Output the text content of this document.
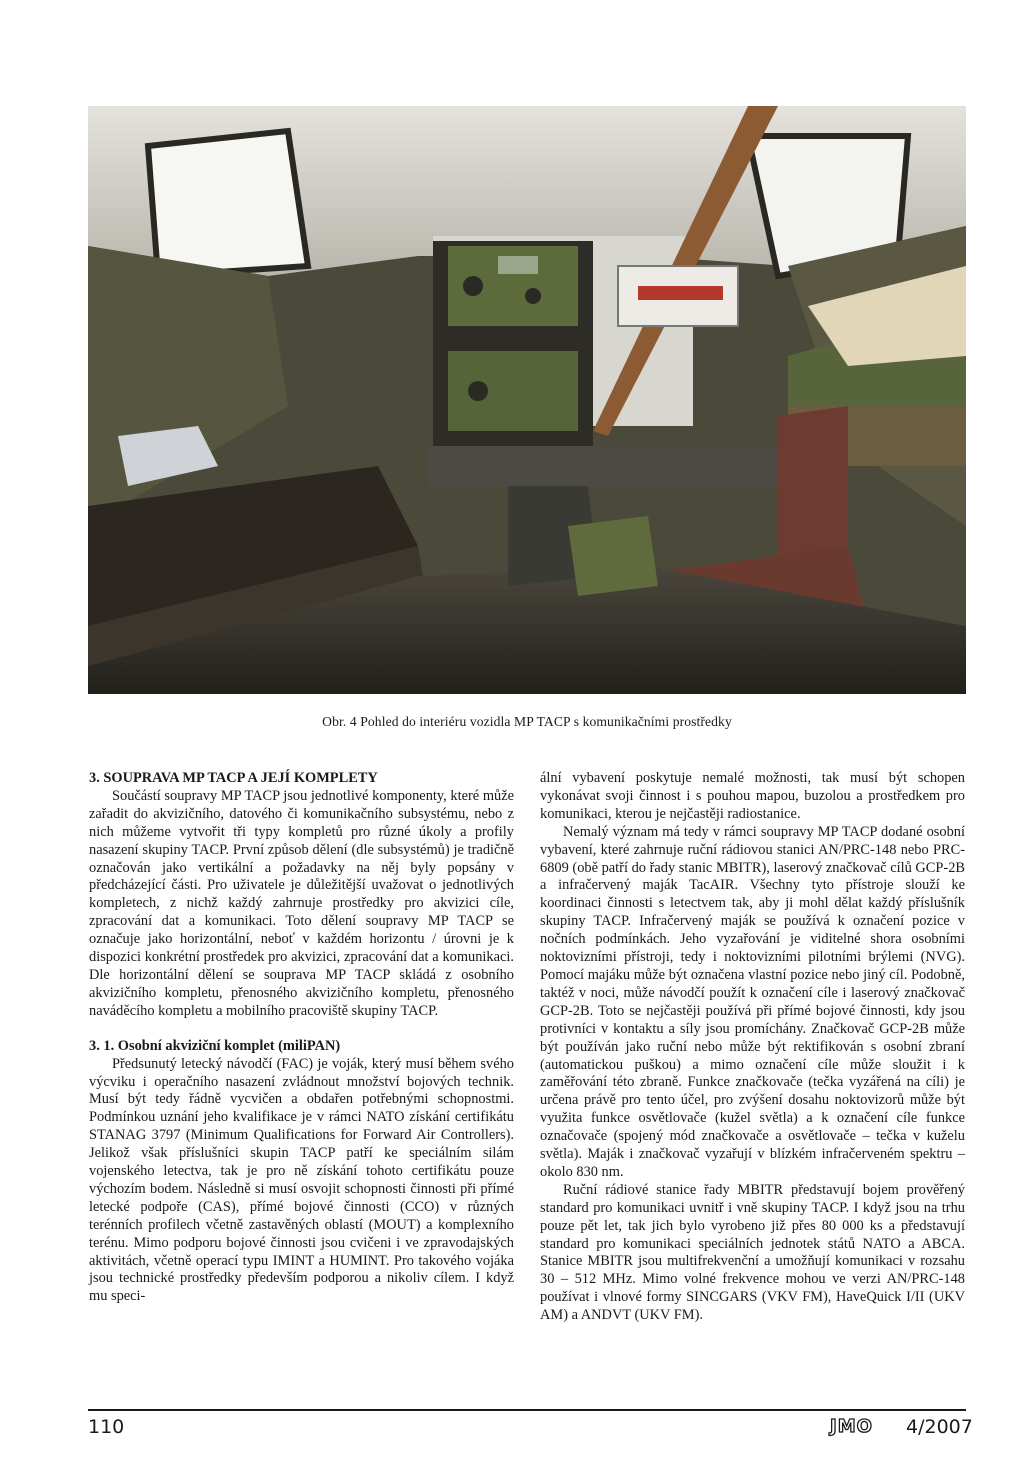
Obr. 4 Pohled do interiéru vozidla MP TACP s komunikačními prostředky
3. SOUPRAVA MP TACP A JEJÍ KOMPLETY

Součástí soupravy MP TACP jsou jednotlivé komponenty, které může zařadit do akvizičního, datového či komunikačního subsystému, nebo z nich můžeme vytvořit tři typy kompletů pro různé úkoly a profily nasazení skupiny TACP. První způsob dělení (dle subsystémů) je tradičně označován jako vertikální a požadavky na něj byly popsány v předcházející části. Pro uživatele je důležitější uvažovat o jednotlivých kompletech, z nichž každý zahrnuje prostředky pro akvizici cíle, zpracování dat a komunikaci. Toto dělení soupravy MP TACP se označuje jako horizontální, neboť v každém horizontu / úrovni je k dispozici konkrétní prostředek pro akvizici, zpracování dat a komunikaci. Dle horizontální dělení se souprava MP TACP skládá z osobního akvizičního kompletu, přenosného akvizičního kompletu, přenosného naváděcího kompletu a mobilního pracoviště skupiny TACP.

3. 1. Osobní akviziční komplet (miliPAN)

Předsunutý letecký návodčí (FAC) je voják, který musí během svého výcviku i operačního nasazení zvládnout množství bojových technik. Musí být tedy řádně vycvičen a obdařen potřebnými schopnostmi. Podmínkou uznání jeho kvalifikace je v rámci NATO získání certifikátu STANAG 3797 (Minimum Qualifications for Forward Air Controllers). Jelikož však příslušníci skupin TACP patří ke speciálním silám vojenského letectva, tak je pro ně získání tohoto certifikátu pouze výchozím bodem. Následně si musí osvojit schopnosti činnosti při přímé letecké podpoře (CAS), přímé bojové činnosti (CCO) v různých terénních profilech včetně zastavěných oblastí (MOUT) a komplexního terénu. Mimo podporu bojové činnosti jsou cvičeni i ve zpravodajských aktivitách, včetně operací typu IMINT a HUMINT. Pro takového vojáka jsou technické prostředky především podporou a nikoliv cílem. I když mu speci-

ální vybavení poskytuje nemalé možnosti, tak musí být schopen vykonávat svoji činnost i s pouhou mapou, buzolou a prostředkem pro komunikaci, kterou je nejčastěji radiostanice.

Nemalý význam má tedy v rámci soupravy MP TACP dodané osobní vybavení, které zahrnuje ruční rádiovou stanici AN/PRC-148 nebo PRC-6809 (obě patří do řady stanic MBITR), laserový značkovač cílů GCP-2B a infračervený maják TacAIR. Všechny tyto přístroje slouží ke koordinaci činnosti s letectvem tak, aby ji mohl dělat každý příslušník skupiny TACP. Infračervený maják se používá k označení pozice v nočních podmínkách. Jeho vyzařování je viditelné shora osobními noktovizními přístroji, tedy i noktovizními pilotními brýlemi (NVG). Pomocí majáku může být označena vlastní pozice nebo jiný cíl. Podobně, taktéž v noci, může návodčí použít k označení cíle i laserový značkovač GCP-2B. Toto se nejčastěji používá při přímé bojové činnosti, kdy jsou protivníci v kontaktu a síly jsou promíchány. Značkovač GCP-2B může být používán jako ruční nebo může být rektifikován s osobní zbraní (automatickou puškou) a mimo označení cíle může sloužit i k zaměřování této zbraně. Funkce značkovače (tečka vyzářená na cíli) je určena právě pro tento účel, pro zvýšení dosahu noktovizorů může být využita funkce osvětlovače (kužel světla) a k označení cíle funkce označovače (spojený mód značkovače a osvětlovače – tečka v kuželu světla). Maják i značkovač vyzařují v blízkém infračerveném spektru – okolo 830 nm.

Ruční rádiové stanice řady MBITR představují bojem prověřený standard pro komunikaci uvnitř i vně skupiny TACP. I když jsou na trhu pouze pět let, tak jich bylo vyrobeno již přes 80 000 ks a představují standard pro komunikaci speciálních jednotek států NATO a ABCA. Stanice MBITR jsou multifrekvenční a umožňují komunikaci v rozsahu 30 – 512 MHz. Mimo volné frekvence mohou ve verzi AN/PRC-148 používat i vlnové formy SINCGARS (VKV FM), HaveQuick I/II (UKV AM) a ANDVT (UKV FM).

110	JMO 4/2007
